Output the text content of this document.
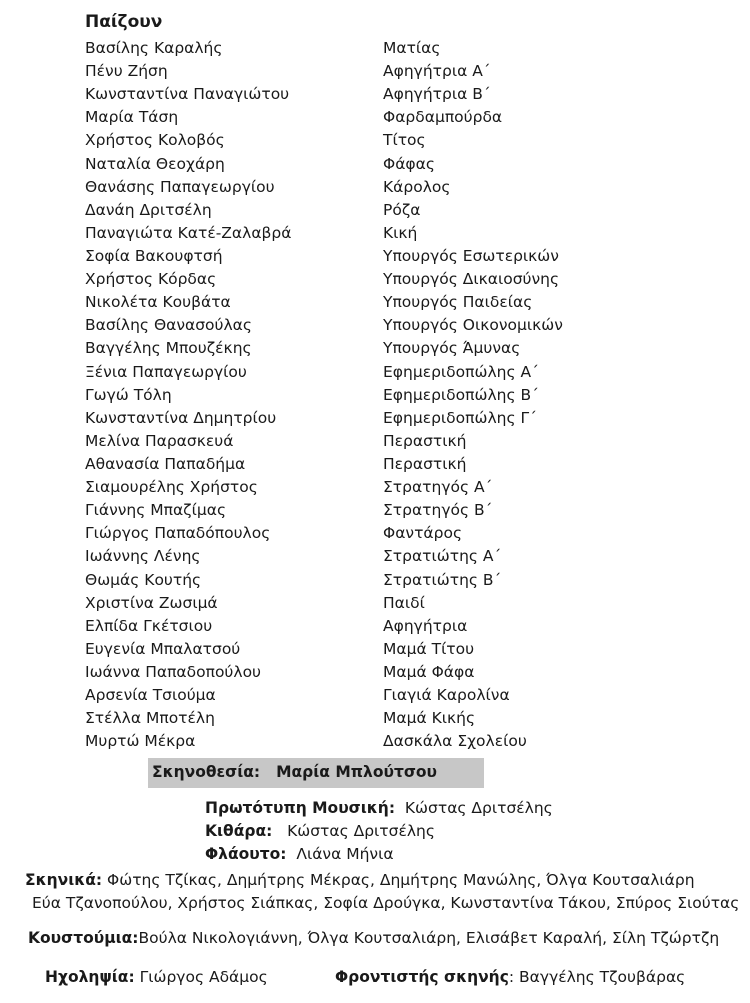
Παίζουν
Βασίλης Καραλής	Ματίας
Πένυ Ζήση	Αφηγήτρια Α΄
Κωνσταντίνα Παναγιώτου	Αφηγήτρια Β΄
Μαρία Τάση	Φαρδαμπούρδα
Χρήστος Κολοβός	Τίτος
Ναταλία Θεοχάρη	Φάφας
Θανάσης Παπαγεωργίου	Κάρολος
Δανάη Δριτσέλη	Ρόζα
Παναγιώτα Κατέ-Ζαλαβρά	Κική
Σοφία Βακουφτσή	Υπουργός Εσωτερικών
Χρήστος Κόρδας	Υπουργός Δικαιοσύνης
Νικολέτα Κουβάτα	Υπουργός Παιδείας
Βασίλης Θανασούλας	Υπουργός Οικονομικών
Βαγγέλης Μπουζέκης	Υπουργός Άμυνας
Ξένια Παπαγεωργίου	Εφημεριδοπώλης Α΄
Γωγώ Τόλη	Εφημεριδοπώλης Β΄
Κωνσταντίνα Δημητρίου	Εφημεριδοπώλης Γ΄
Μελίνα Παρασκευά	Περαστική
Αθανασία Παπαδήμα	Περαστική
Σιαμουρέλης Χρήστος	Στρατηγός Α΄
Γιάννης Μπαζίμας	Στρατηγός Β΄
Γιώργος Παπαδόπουλος	Φαντάρος
Ιωάννης Λένης	Στρατιώτης Α΄
Θωμάς Κουτής	Στρατιώτης Β΄
Χριστίνα Ζωσιμά	Παιδί
Ελπίδα Γκέτσιου	Αφηγήτρια
Ευγενία Μπαλατσού	Μαμά Τίτου
Ιωάννα Παπαδοπούλου	Μαμά Φάφα
Αρσενία Τσιούμα	Γιαγιά Καρολίνα
Στέλλα Μποτέλη	Μαμά Κικής
Μυρτώ Μέκρα	Δασκάλα Σχολείου
Σκηνοθεσία: Μαρία Μπλούτσου
Πρωτότυπη Μουσική: Κώστας Δριτσέλης
Κιθάρα: Κώστας Δριτσέλης
Φλάουτο: Λιάνα Μήνια
Σκηνικά: Φώτης Τζίκας, Δημήτρης Μέκρας, Δημήτρης Μανώλης, Όλγα Κουτσαλιάρη
Εύα Τζανοπούλου, Χρήστος Σιάπκας, Σοφία Δρούγκα, Κωνσταντίνα Τάκου, Σπύρος Σιούτας
Κουστούμια:Βούλα Νικολογιάννη, Όλγα Κουτσαλιάρη, Ελισάβετ Καραλή, Σίλη Τζώρτζη
Ηχοληψία: Γιώργος Αδάμος	Φροντιστής σκηνής: Βαγγέλης Τζουβάρας
